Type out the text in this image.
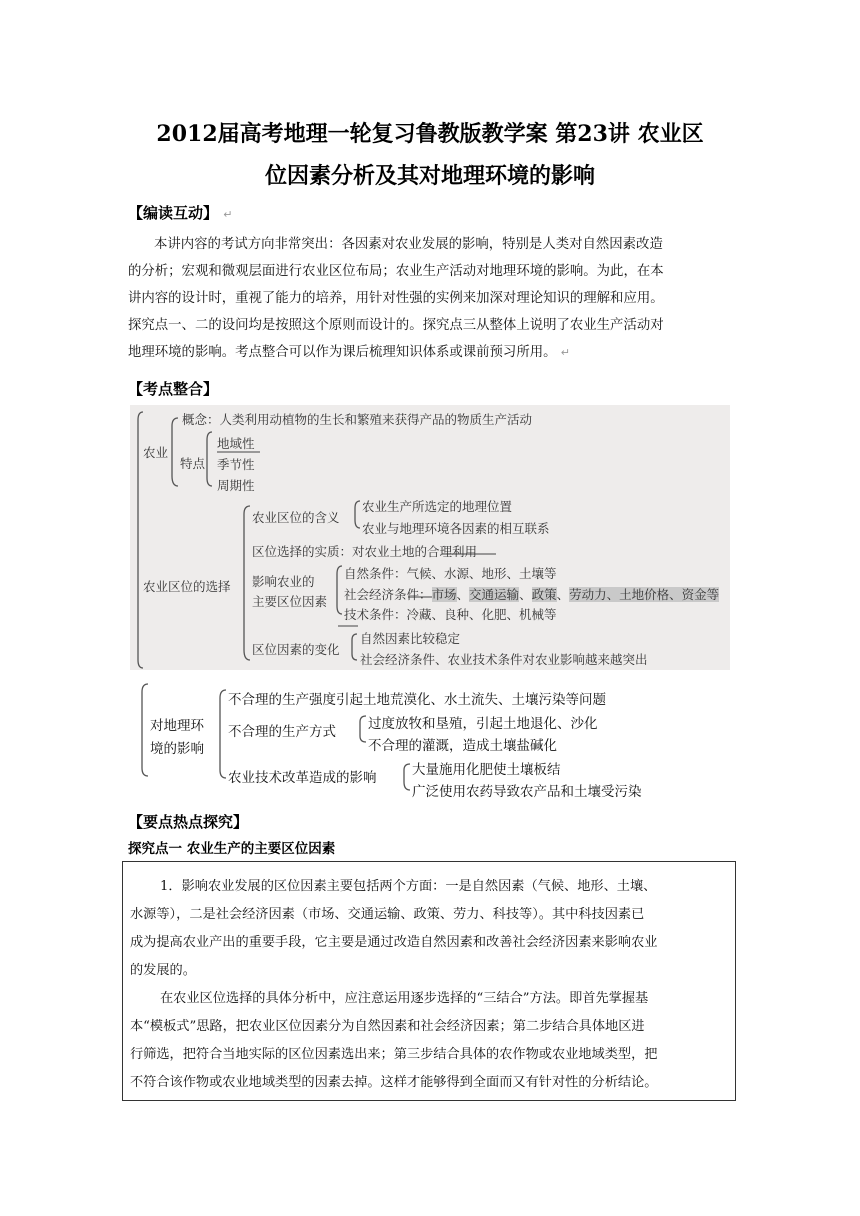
2012届高考地理一轮复习鲁教版教学案 第23讲 农业区
位因素分析及其对地理环境的影响
【编读互动】 ↵
本讲内容的考试方向非常突出：各因素对农业发展的影响，特别是人类对自然因素改造
的分析；宏观和微观层面进行农业区位布局；农业生产活动对地理环境的影响。为此，在本
讲内容的设计时，重视了能力的培养，用针对性强的实例来加深对理论知识的理解和应用。
探究点一、二的设问均是按照这个原则而设计的。探究点三从整体上说明了农业生产活动对
地理环境的影响。考点整合可以作为课后梳理知识体系或课前预习所用。 ↵
【考点整合】
农业
概念：人类利用动植物的生长和繁殖来获得产品的物质生产活动
特点
地域性
季节性
周期性
农业区位的选择
农业区位的含义
农业生产所选定的地理位置
农业与地理环境各因素的相互联系
区位选择的实质：对农业土地的合理利用
影响农业的
主要区位因素
自然条件：气候、水源、地形、土壤等
社会经济条件：市场、交通运输、政策、劳动力、土地价格、资金等
技术条件：冷藏、良种、化肥、机械等
区位因素的变化
自然因素比较稳定
社会经济条件、农业技术条件对农业影响越来越突出
对地理环
境的影响
不合理的生产强度引起土地荒漠化、水土流失、土壤污染等问题
不合理的生产方式 过度放牧和垦殖，引起土地退化、沙化
不合理的灌溉，造成土壤盐碱化
农业技术改革造成的影响	大量施用化肥使土壤板结
广泛使用农药导致农产品和土壤受污染
【要点热点探究】
探究点一 农业生产的主要区位因素
1．影响农业发展的区位因素主要包括两个方面：一是自然因素（气候、地形、土壤、
水源等），二是社会经济因素（市场、交通运输、政策、劳力、科技等）。其中科技因素已
成为提高农业产出的重要手段，它主要是通过改造自然因素和改善社会经济因素来影响农业
的发展的。
在农业区位选择的具体分析中，应注意运用逐步选择的“三结合”方法。即首先掌握基
本“模板式”思路，把农业区位因素分为自然因素和社会经济因素；第二步结合具体地区进
行筛选，把符合当地实际的区位因素选出来；第三步结合具体的农作物或农业地域类型，把
不符合该作物或农业地域类型的因素去掉。这样才能够得到全面而又有针对性的分析结论。
